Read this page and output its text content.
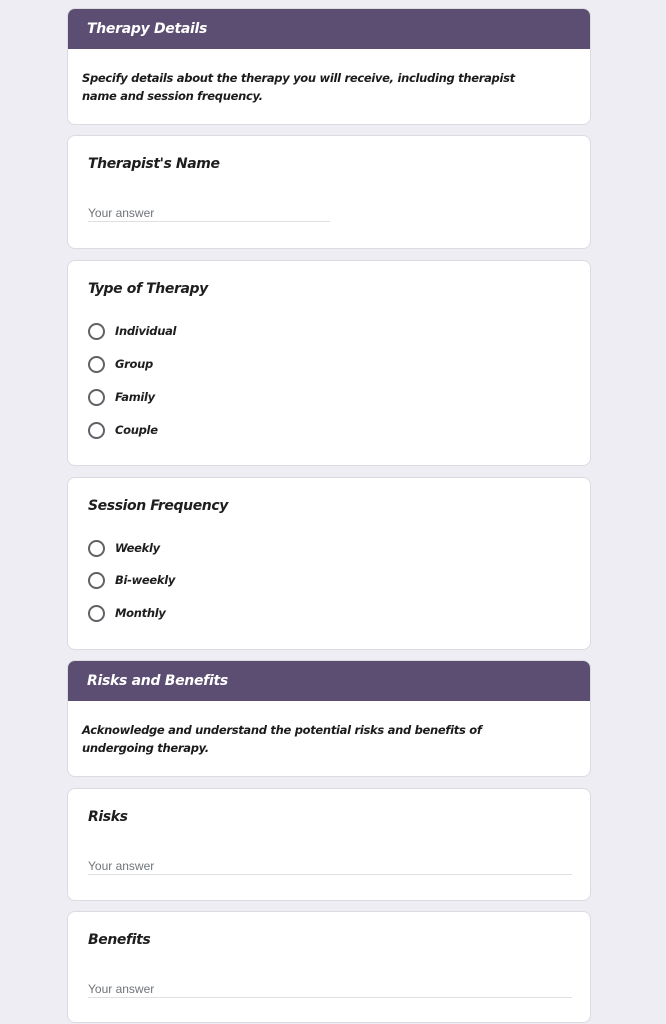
Therapy Details
Specify details about the therapy you will receive, including therapist name and session frequency.
Therapist's Name
Your answer
Type of Therapy
Individual
Group
Family
Couple
Session Frequency
Weekly
Bi-weekly
Monthly
Risks and Benefits
Acknowledge and understand the potential risks and benefits of undergoing therapy.
Risks
Your answer
Benefits
Your answer
